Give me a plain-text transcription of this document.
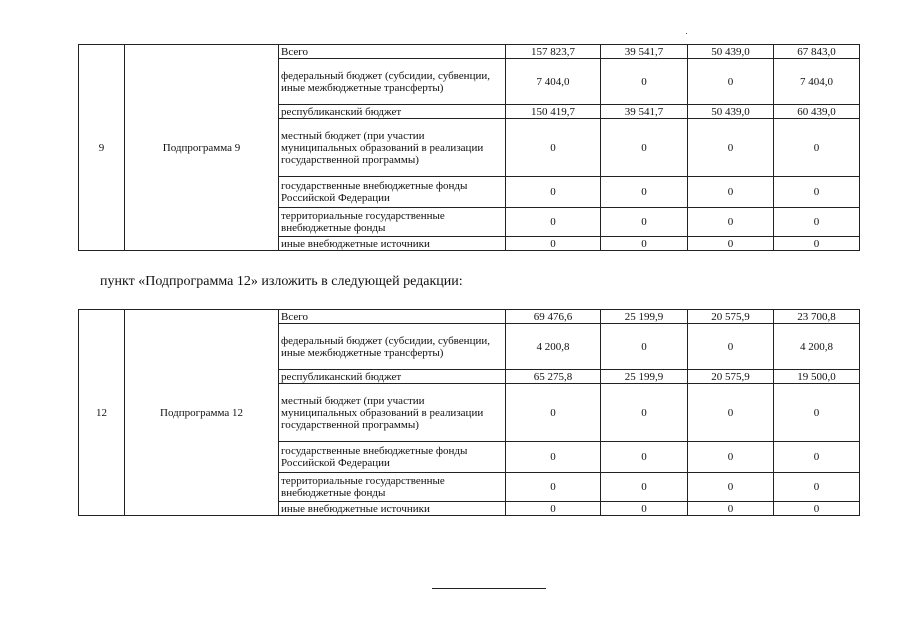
9	Подпрограмма 9	Всего	157 823,7	39 541,7	50 439,0	67 843,0
		федеральный бюджет (субсидии, субвенции, иные межбюджетные трансферты)	7 404,0	0	0	7 404,0
		республиканский бюджет	150 419,7	39 541,7	50 439,0	60 439,0
		местный бюджет (при участии муниципальных образований в реализации государственной программы)	0	0	0	0
		государственные внебюджетные фонды Российской Федерации	0	0	0	0
		территориальные государственные внебюджетные фонды	0	0	0	0
		иные внебюджетные источники	0	0	0	0
пункт «Подпрограмма 12» изложить в следующей редакции:
12	Подпрограмма 12	Всего	69 476,6	25 199,9	20 575,9	23 700,8
		федеральный бюджет (субсидии, субвенции, иные межбюджетные трансферты)	4 200,8	0	0	4 200,8
		республиканский бюджет	65 275,8	25 199,9	20 575,9	19 500,0
		местный бюджет (при участии муниципальных образований в реализации государственной программы)	0	0	0	0
		государственные внебюджетные фонды Российской Федерации	0	0	0	0
		территориальные государственные внебюджетные фонды	0	0	0	0
		иные внебюджетные источники	0	0	0	0
